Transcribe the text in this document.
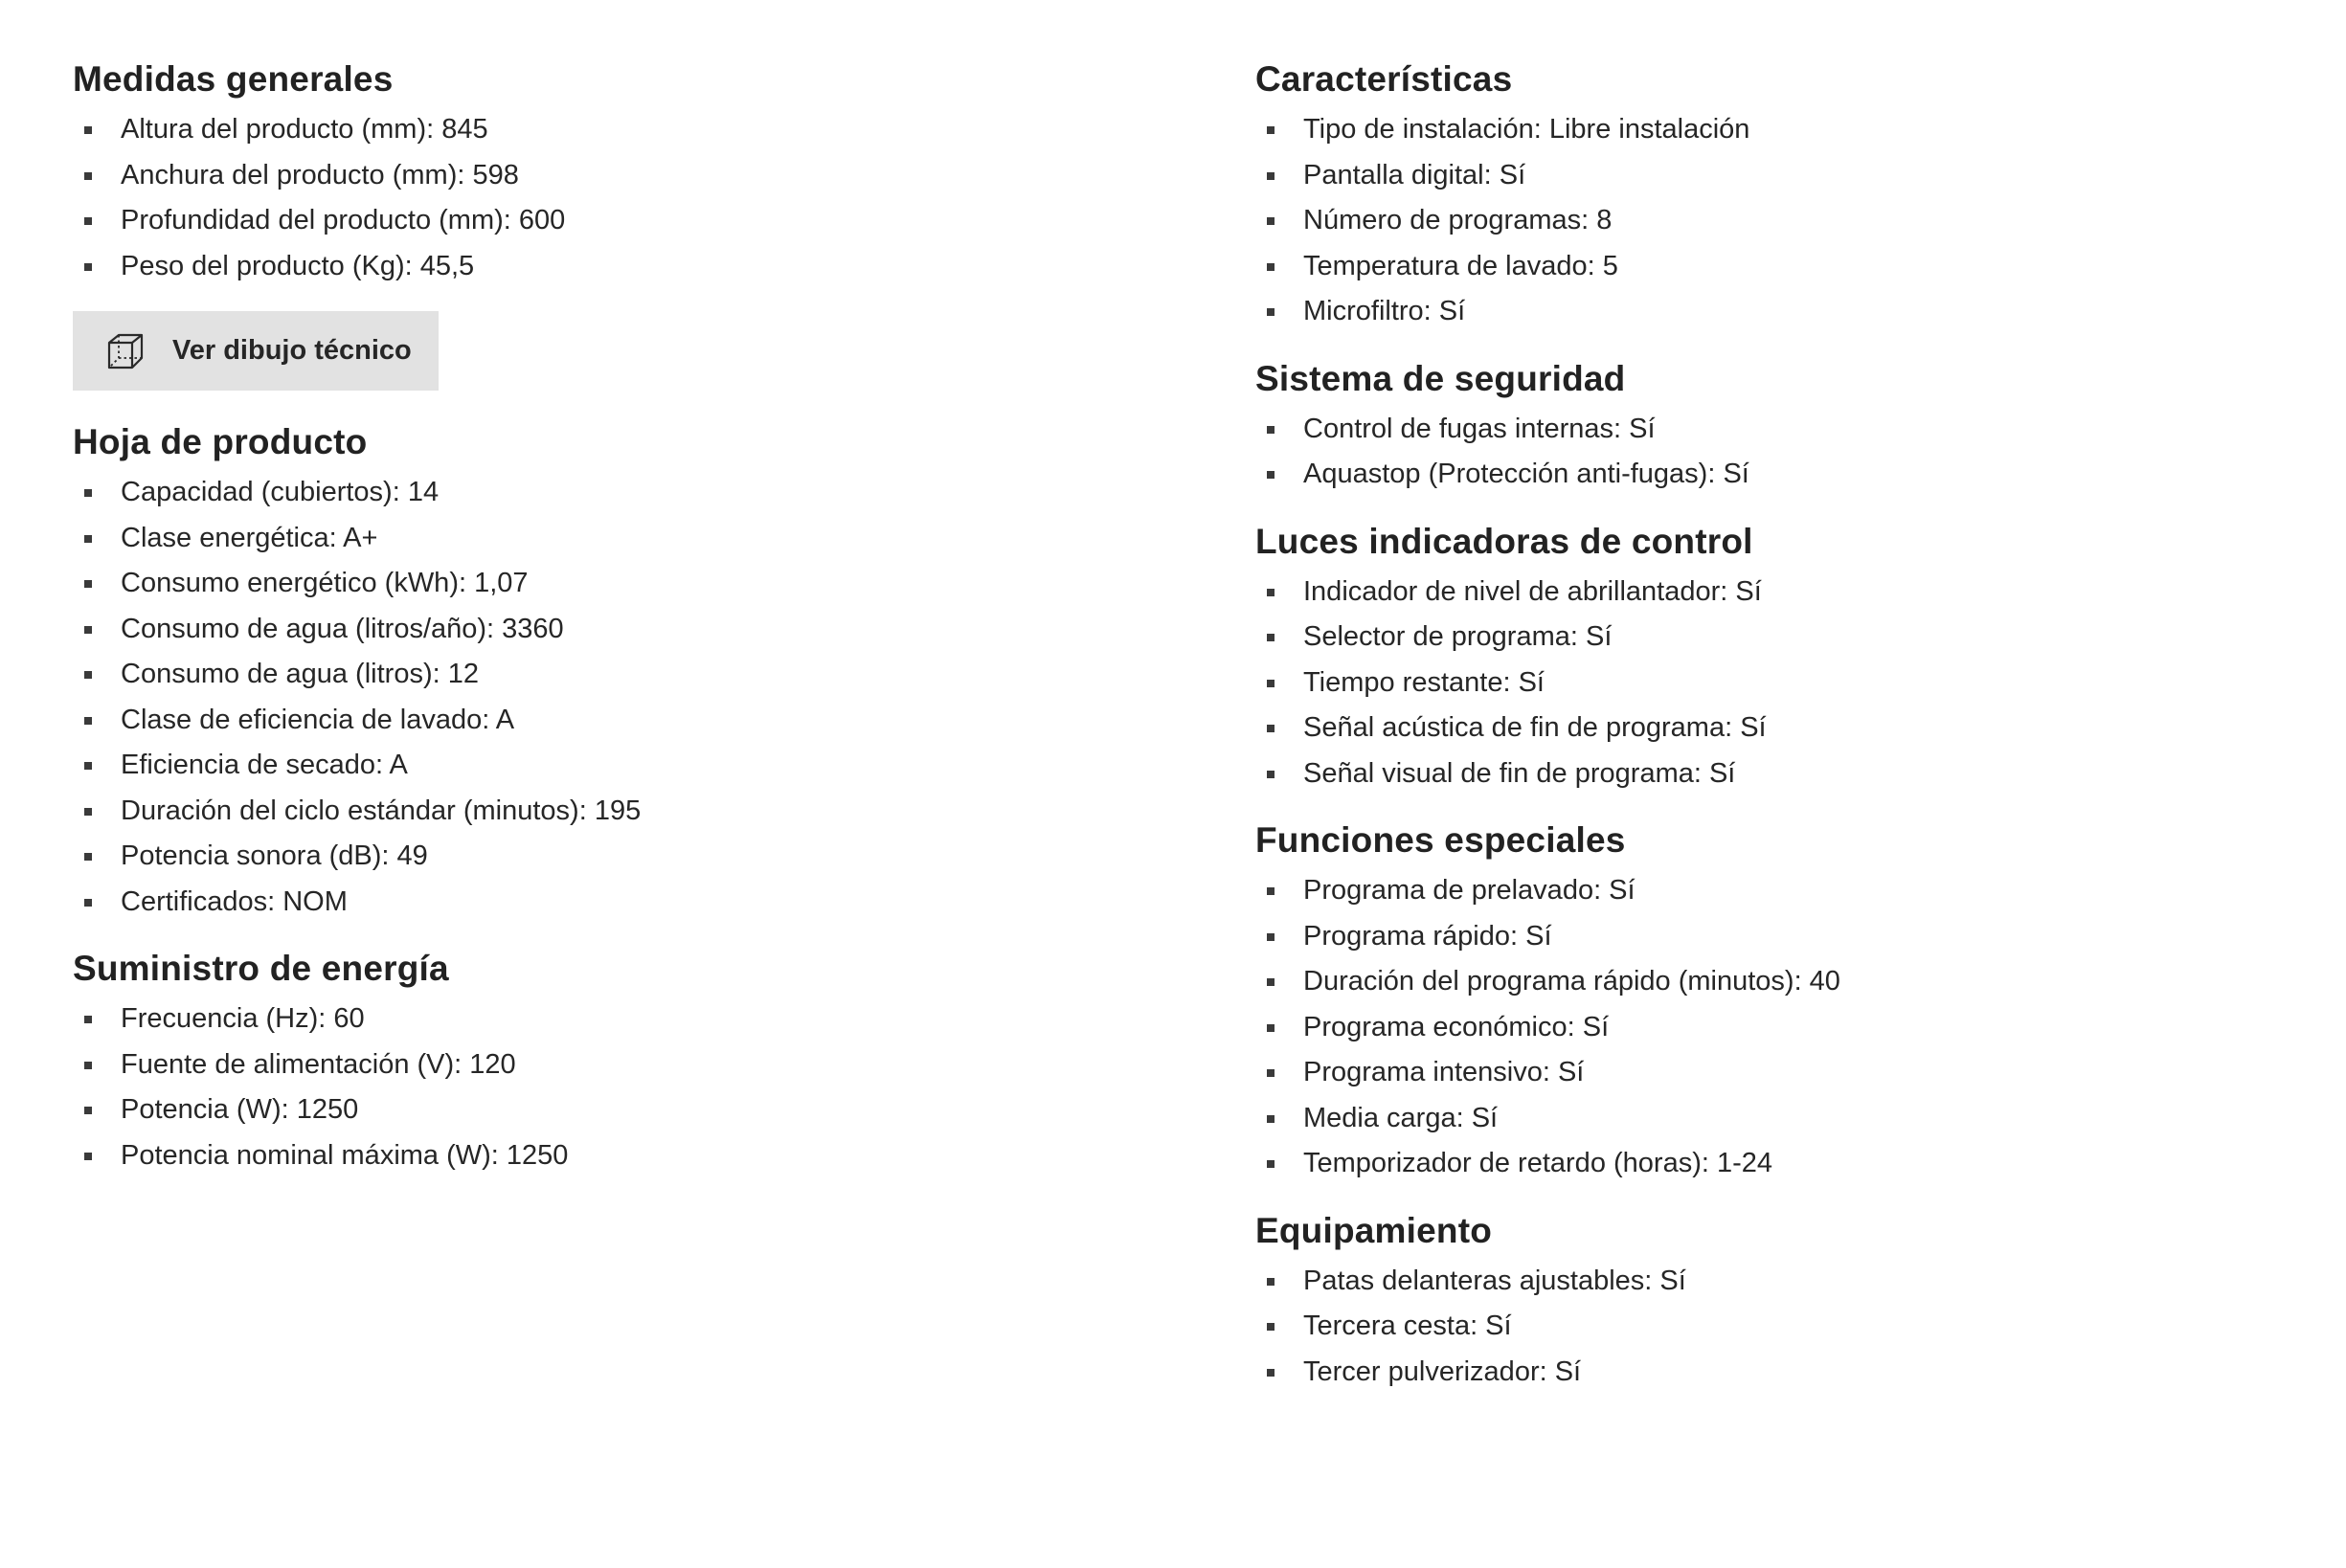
Medidas generales
Altura del producto (mm): 845
Anchura del producto (mm): 598
Profundidad del producto (mm): 600
Peso del producto (Kg): 45,5
Ver dibujo técnico
Hoja de producto
Capacidad (cubiertos): 14
Clase energética: A+
Consumo energético (kWh): 1,07
Consumo de agua (litros/año): 3360
Consumo de agua (litros): 12
Clase de eficiencia de lavado: A
Eficiencia de secado: A
Duración del ciclo estándar (minutos): 195
Potencia sonora (dB): 49
Certificados: NOM
Suministro de energía
Frecuencia (Hz): 60
Fuente de alimentación (V): 120
Potencia (W): 1250
Potencia nominal máxima (W): 1250
Características
Tipo de instalación: Libre instalación
Pantalla digital: Sí
Número de programas: 8
Temperatura de lavado: 5
Microfiltro: Sí
Sistema de seguridad
Control de fugas internas: Sí
Aquastop (Protección anti-fugas): Sí
Luces indicadoras de control
Indicador de nivel de abrillantador: Sí
Selector de programa: Sí
Tiempo restante: Sí
Señal acústica de fin de programa: Sí
Señal visual de fin de programa: Sí
Funciones especiales
Programa de prelavado: Sí
Programa rápido: Sí
Duración del programa rápido (minutos): 40
Programa económico: Sí
Programa intensivo: Sí
Media carga: Sí
Temporizador de retardo (horas): 1-24
Equipamiento
Patas delanteras ajustables: Sí
Tercera cesta: Sí
Tercer pulverizador: Sí
